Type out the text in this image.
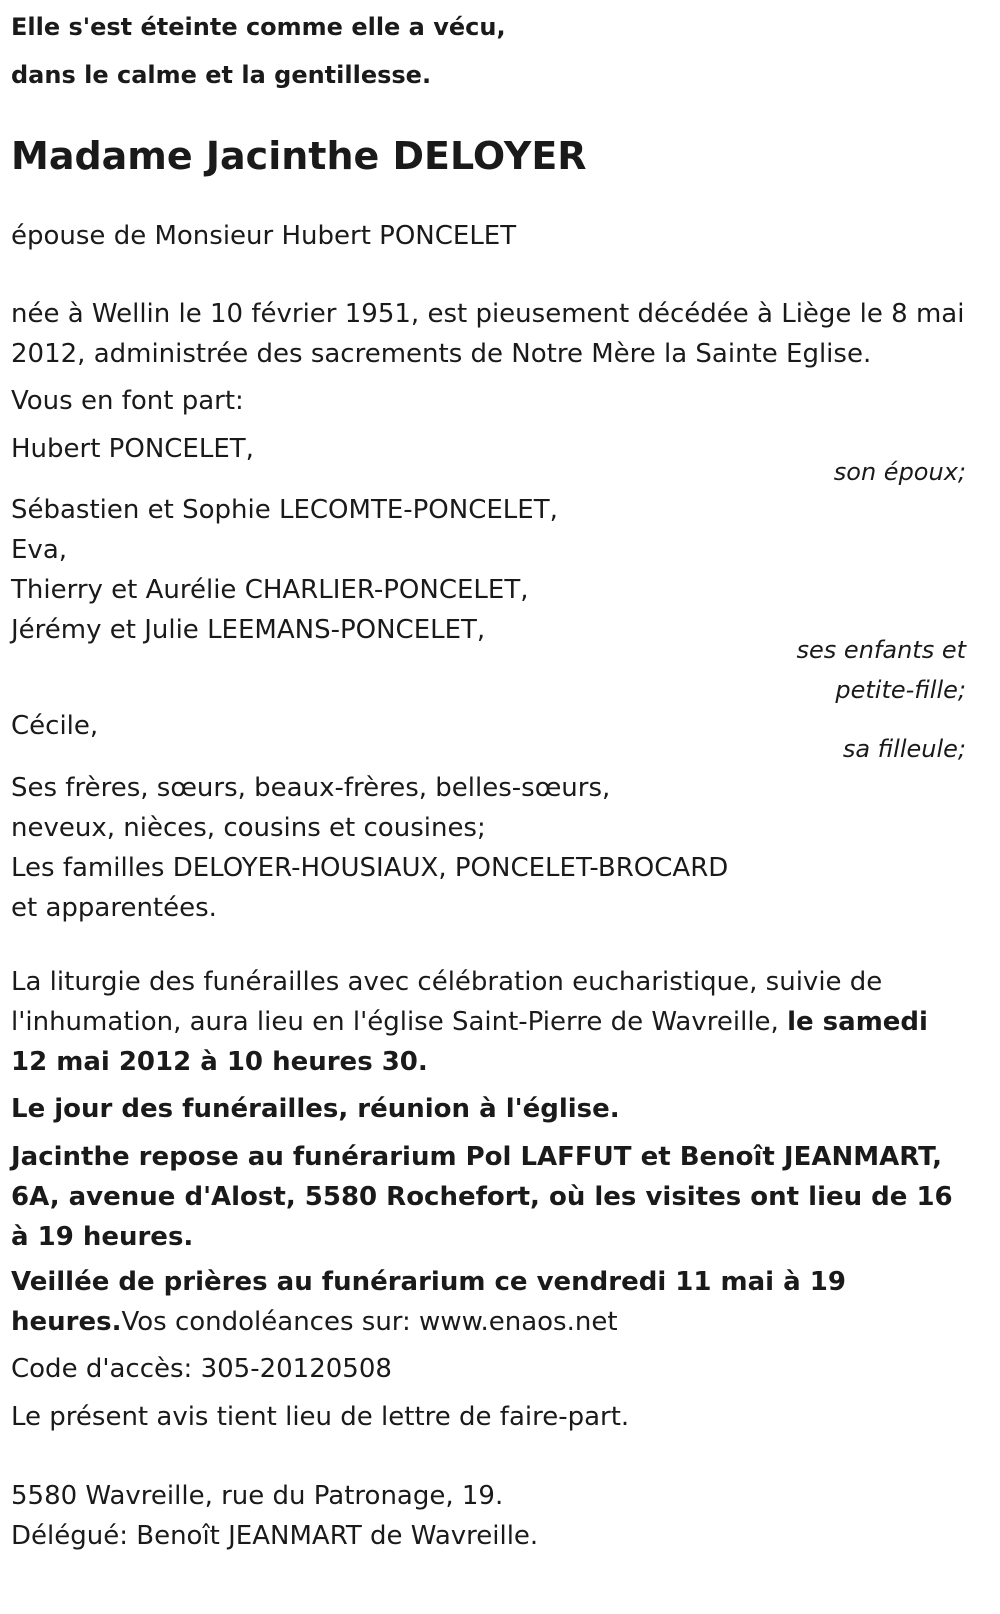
Elle s'est éteinte comme elle a vécu,
dans le calme et la gentillesse.
Madame Jacinthe DELOYER

épouse de Monsieur Hubert PONCELET

née à Wellin le 10 février 1951, est pieusement décédée à Liège le 8 mai 2012, administrée des sacrements de Notre Mère la Sainte Eglise.

Vous en font part:

Hubert PONCELET,

son époux;

Sébastien et Sophie LECOMTE-PONCELET,
Eva,
Thierry et Aurélie CHARLIER-PONCELET,
Jérémy et Julie LEEMANS-PONCELET,
ses enfants et
petite-fille;

Cécile,

sa filleule;

Ses frères, sœurs, beaux-frères, belles-sœurs,
neveux, nièces, cousins et cousines;
Les familles DELOYER-HOUSIAUX, PONCELET-BROCARD
et apparentées.

La liturgie des funérailles avec célébration eucharistique, suivie de l'inhumation, aura lieu en l'église Saint-Pierre de Wavreille, le samedi 12 mai 2012 à 10 heures 30.

Le jour des funérailles, réunion à l'église.

Jacinthe repose au funérarium Pol LAFFUT et Benoît JEANMART, 6A, avenue d'Alost, 5580 Rochefort, où les visites ont lieu de 16 à 19 heures.

Veillée de prières au funérarium ce vendredi 11 mai à 19 heures.Vos condoléances sur: www.enaos.net

Code d'accès: 305-20120508

Le présent avis tient lieu de lettre de faire-part.

5580 Wavreille, rue du Patronage, 19.
Délégué: Benoît JEANMART de Wavreille.
